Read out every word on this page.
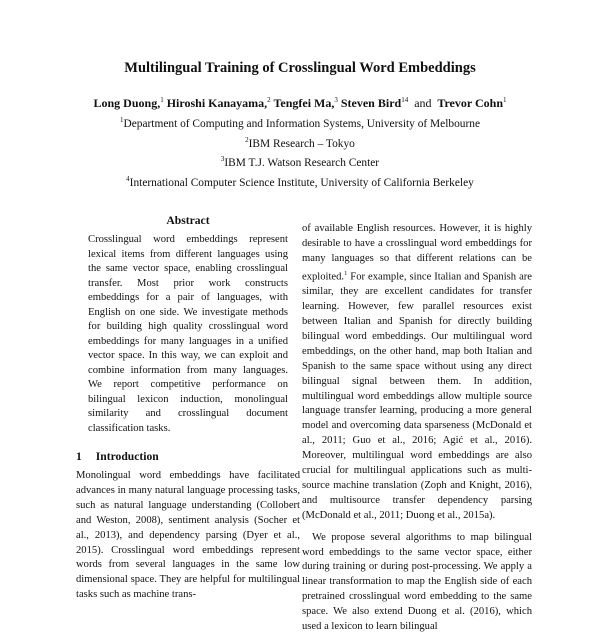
Multilingual Training of Crosslingual Word Embeddings
Long Duong,$^1$ Hiroshi Kanayama,$^2$ Tengfei Ma,$^3$ Steven Bird$^{14}$ and Trevor Cohn$^1$
$^1$Department of Computing and Information Systems, University of Melbourne
$^2$IBM Research – Tokyo
$^3$IBM T.J. Watson Research Center
$^4$International Computer Science Institute, University of California Berkeley
Abstract

Crosslingual word embeddings represent lexical items from different languages using the same vector space, enabling crosslingual transfer. Most prior work constructs embeddings for a pair of languages, with English on one side. We investigate methods for building high quality crosslingual word embeddings for many languages in a unified vector space. In this way, we can exploit and combine information from many languages. We report competitive performance on bilingual lexicon induction, monolingual similarity and crosslingual document classification tasks.

1 Introduction

Monolingual word embeddings have facilitated advances in many natural language processing tasks, such as natural language understanding (Collobert and Weston, 2008), sentiment analysis (Socher et al., 2013), and dependency parsing (Dyer et al., 2015). Crosslingual word embeddings represent words from several languages in the same low dimensional space. They are helpful for multilingual tasks such as machine trans-

of available English resources. However, it is highly desirable to have a crosslingual word embeddings for many languages so that different relations can be exploited.$^1$ For example, since Italian and Spanish are similar, they are excellent candidates for transfer learning. However, few parallel resources exist between Italian and Spanish for directly building bilingual word embeddings. Our multilingual word embeddings, on the other hand, map both Italian and Spanish to the same space without using any direct bilingual signal between them. In addition, multilingual word embeddings allow multiple source language transfer learning, producing a more general model and overcoming data sparseness (McDonald et al., 2011; Guo et al., 2016; Agić et al., 2016). Moreover, multilingual word embeddings are also crucial for multilingual applications such as multi-source machine translation (Zoph and Knight, 2016), and multisource transfer dependency parsing (McDonald et al., 2011; Duong et al., 2015a).

We propose several algorithms to map bilingual word embeddings to the same vector space, either during training or during post-processing. We apply a linear transformation to map the English side of each pretrained crosslingual word embedding to the same space. We also extend Duong et al. (2016), which used a lexicon to learn bilingual
